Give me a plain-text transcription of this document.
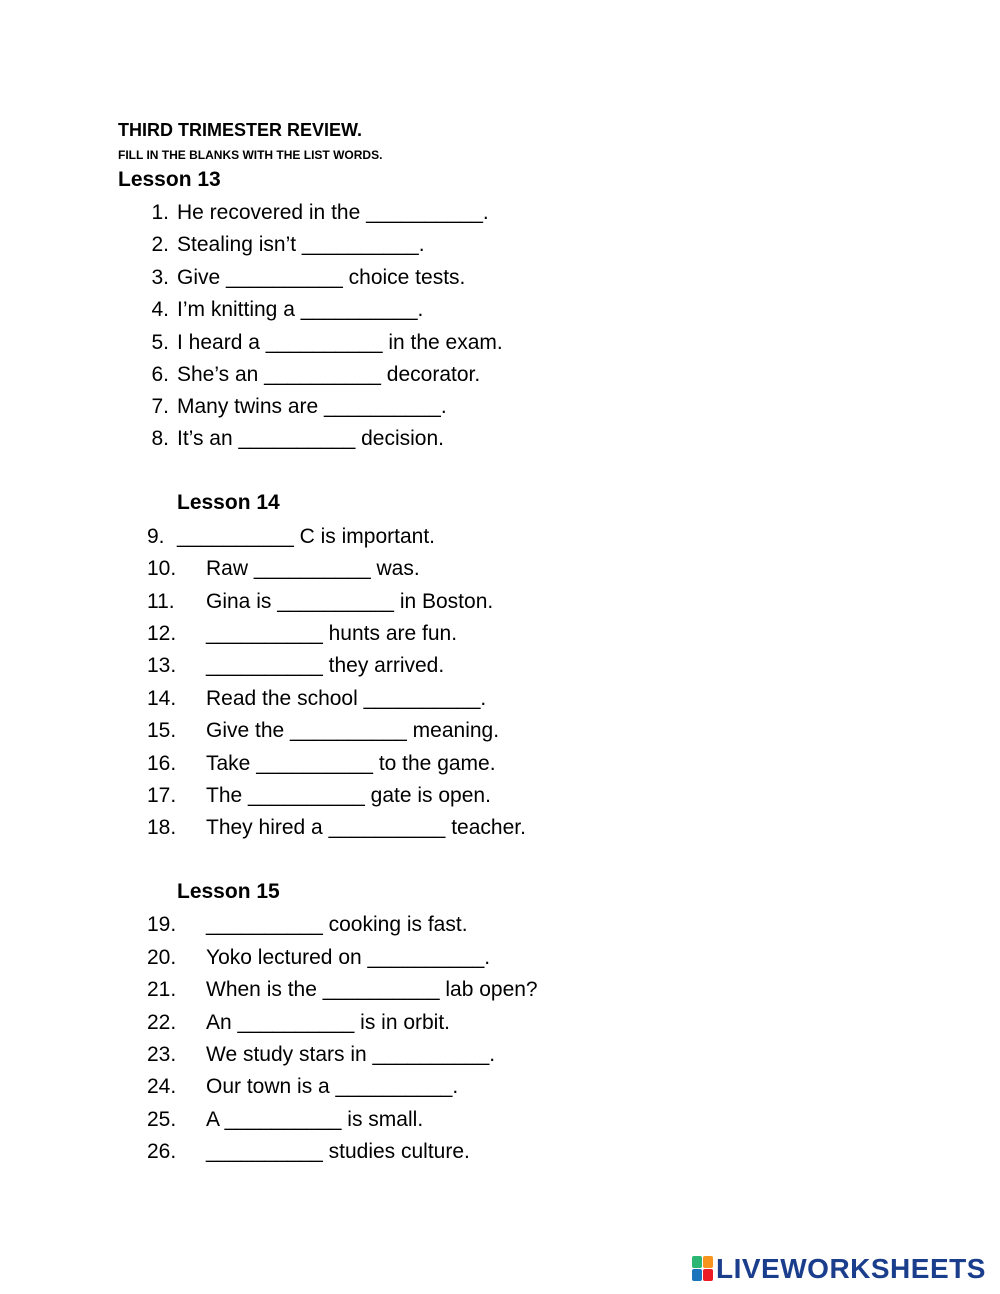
THIRD TRIMESTER REVIEW.
FILL IN THE BLANKS WITH THE LIST WORDS.
Lesson 13
1. He recovered in the __________.
2. Stealing isn’t __________.
3. Give __________ choice tests.
4. I’m knitting a __________.
5. I heard a __________ in the exam.
6. She’s an __________ decorator.
7. Many twins are __________.
8. It’s an __________ decision.
Lesson 14
9. __________ C is important.
10. Raw __________ was.
11. Gina is __________ in Boston.
12. __________ hunts are fun.
13. __________ they arrived.
14. Read the school __________.
15. Give the __________ meaning.
16. Take __________ to the game.
17. The __________ gate is open.
18. They hired a __________ teacher.
Lesson 15
19. __________ cooking is fast.
20. Yoko lectured on __________.
21. When is the __________ lab open?
22. An __________ is in orbit.
23. We study stars in __________.
24. Our town is a __________.
25. A __________ is small.
26. __________ studies culture.
LIVEWORKSHEETS
